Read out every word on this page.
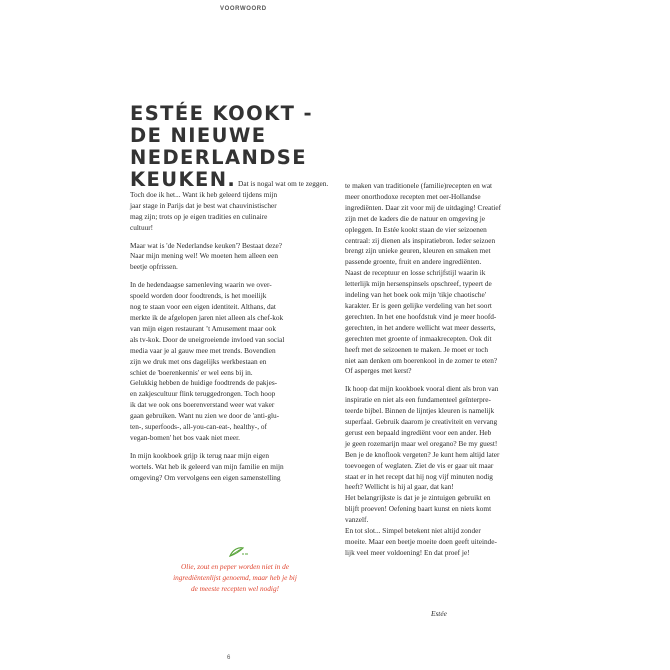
VOORWOORD
ESTÉE KOOKT -
DE NIEUWE
NEDERLANDSE

KEUKEN. Dat is nogal wat om te zeggen.

Toch doe ik het... Want ik heb geleerd tijdens mijn
jaar stage in Parijs dat je best wat chauvinistischer
mag zijn; trots op je eigen tradities en culinaire
cultuur!

Maar wat is 'de Nederlandse keuken'? Bestaat deze?
Naar mijn mening wel! We moeten hem alleen een
beetje opfrissen.

In de hedendaagse samenleving waarin we over-
spoeld worden door foodtrends, is het moeilijk
nog te staan voor een eigen identiteit. Althans, dat
merkte ik de afgelopen jaren niet alleen als chef-kok
van mijn eigen restaurant ’t Amusement maar ook
als tv-kok. Door de uneigroeiende invloed van social
media vaar je al gauw mee met trends. Bovendien
zijn we druk met ons dagelijks werkbestaan en
schiet de 'boerenkennis' er wel eens bij in.
Gelukkig hebben de huidige foodtrends de pakjes-
en zakjescultuur flink teruggedrongen. Toch hoop
ik dat we ook ons boerenverstand weer wat vaker
gaan gebruiken. Want nu zien we door de 'anti-glu-
ten-, superfoods-, all-you-can-eat-, healthy-, of
vegan-bomen' het bos vaak niet meer.

In mijn kookboek grijp ik terug naar mijn eigen
wortels. Wat heb ik geleerd van mijn familie en mijn
omgeving? Om vervolgens een eigen samenstelling

te maken van traditionele (familie)recepten en wat
meer onorthodoxe recepten met oer-Hollandse
ingrediënten. Daar zit voor mij de uitdaging! Creatief
zijn met de kaders die de natuur en omgeving je
opleggen. In Estée kookt staan de vier seizoenen
centraal: zij dienen als inspiratiebron. Ieder seizoen
brengt zijn unieke geuren, kleuren en smaken met
passende groente, fruit en andere ingrediënten.
Naast de receptuur en losse schrijfstijl waarin ik
letterlijk mijn hersenspinsels opschreef, typeert de
indeling van het boek ook mijn 'tikje chaotische'
karakter. Er is geen gelijke verdeling van het soort
gerechten. In het ene hoofdstuk vind je meer hoofd-
gerechten, in het andere wellicht wat meer desserts,
gerechten met groente of inmaakrecepten. Ook dit
heeft met de seizoenen te maken. Je moet er toch
niet aan denken om boerenkool in de zomer te eten?
Of asperges met kerst?

Ik hoop dat mijn kookboek vooral dient als bron van
inspiratie en niet als een fundamenteel geïnterpre-
teerde bijbel. Binnen de lijntjes kleuren is namelijk
superfaal. Gebruik daarom je creativiteit en vervang
gerust een bepaald ingrediënt voor een ander. Heb
je geen rozemarijn maar wel oregano? Be my guest!
Ben je de knoflook vergeten? Je kunt hem altijd later
toevoegen of weglaten. Ziet de vis er gaar uit maar
staat er in het recept dat hij nog vijf minuten nodig
heeft? Wellicht is hij al gaar, dat kan!
Het belangrijkste is dat je je zintuigen gebruikt en
blijft proeven! Oefening baart kunst en niets komt
vanzelf.
En tot slot... Simpel betekent niet altijd zonder
moeite. Maar een beetje moeite doen geeft uiteinde-
lijk veel meer voldoening! En dat proef je!

Olie, zout en peper worden niet in de
ingrediëntenlijst genoemd, maar heb je bij
de meeste recepten wel nodig!
Estée
6
